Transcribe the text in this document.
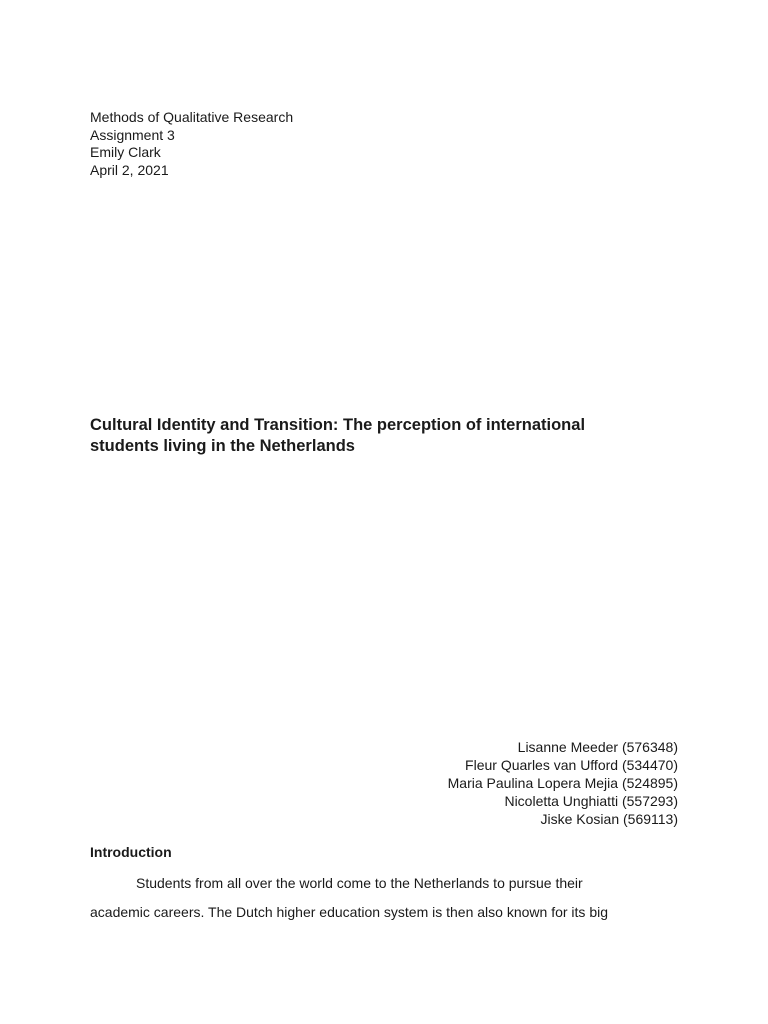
Methods of Qualitative Research
Assignment 3
Emily Clark
April 2, 2021
Cultural Identity and Transition: The perception of international
students living in the Netherlands
Lisanne Meeder (576348)
Fleur Quarles van Ufford (534470)
Maria Paulina Lopera Mejia (524895)
Nicoletta Unghiatti (557293)
Jiske Kosian (569113)
Introduction
Students from all over the world come to the Netherlands to pursue their
academic careers. The Dutch higher education system is then also known for its big
